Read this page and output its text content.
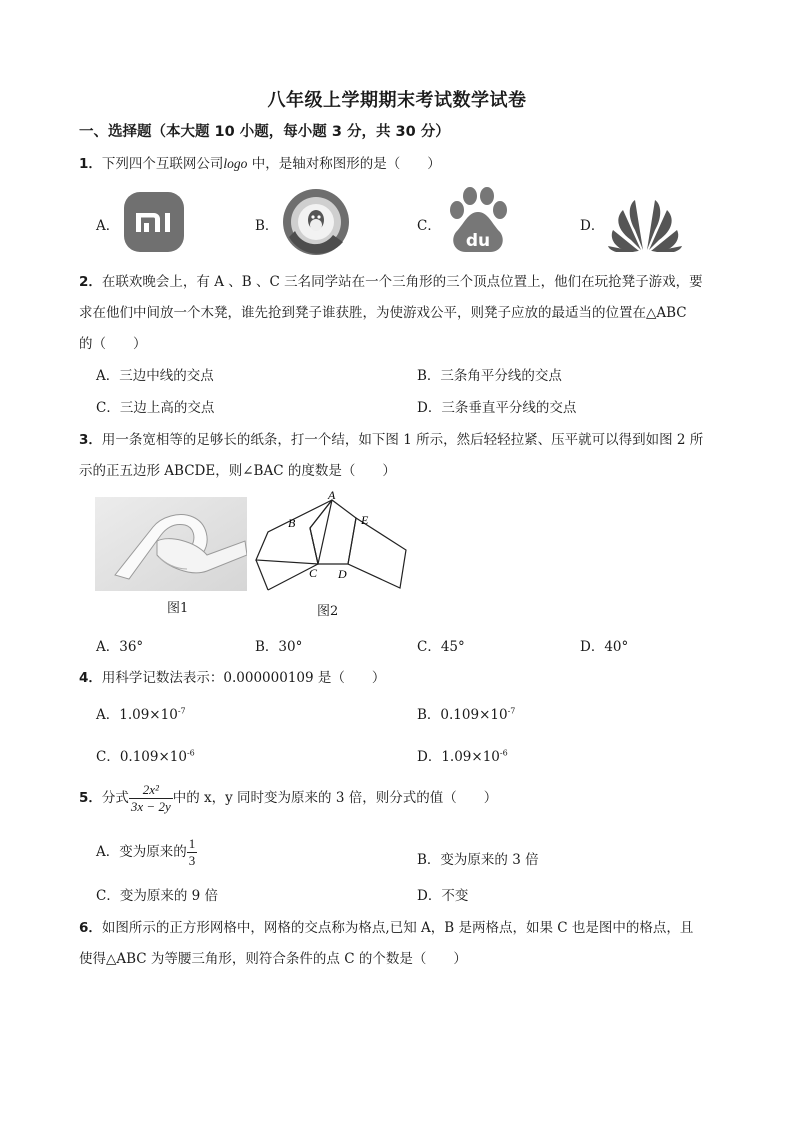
八年级上学期期末考试数学试卷
一、选择题（本大题 10 小题，每小题 3 分，共 30 分）
1．下列四个互联网公司logo 中，是轴对称图形的是（　　）
A．	B．	C．
du
D．
2．在联欢晚会上，有 A 、B 、C 三名同学站在一个三角形的三个顶点位置上，他们在玩抢凳子游戏，要
求在他们中间放一个木凳，谁先抢到凳子谁获胜，为使游戏公平，则凳子应放的最适当的位置在△ABC
的（　　）
A．三边中线的交点	B．三条角平分线的交点
C．三边上高的交点	D．三条垂直平分线的交点
3．用一条宽相等的足够长的纸条，打一个结，如下图 1 所示，然后轻轻拉紧、压平就可以得到如图 2 所
示的正五边形 ABCDE，则∠BAC 的度数是（　　）
图1
A
B
C D
E
图2
A．36°	B．30°	C．45°	D．40°
4．用科学记数法表示：0.000000109 是（　　）
A．$1.09\times 10^{-7}$	B．$0.109\times 10^{-7}$
C．$0.109\times 10^{-6}$	D．$1.09\times 10^{-6}$
5．分式 $\frac{\text{2x²}}{3x - 2y}$ 中的 x，y 同时变为原来的 3 倍，则分式的值（　　）
A．变为原来的 $\frac{1}{3}$	B．变为原来的 3 倍
C．变为原来的 9 倍	D．不变
6．如图所示的正方形网格中，网格的交点称为格点,已知 A，B 是两格点，如果 C 也是图中的格点，且
使得△ABC 为等腰三角形，则符合条件的点 C 的个数是（　　）
